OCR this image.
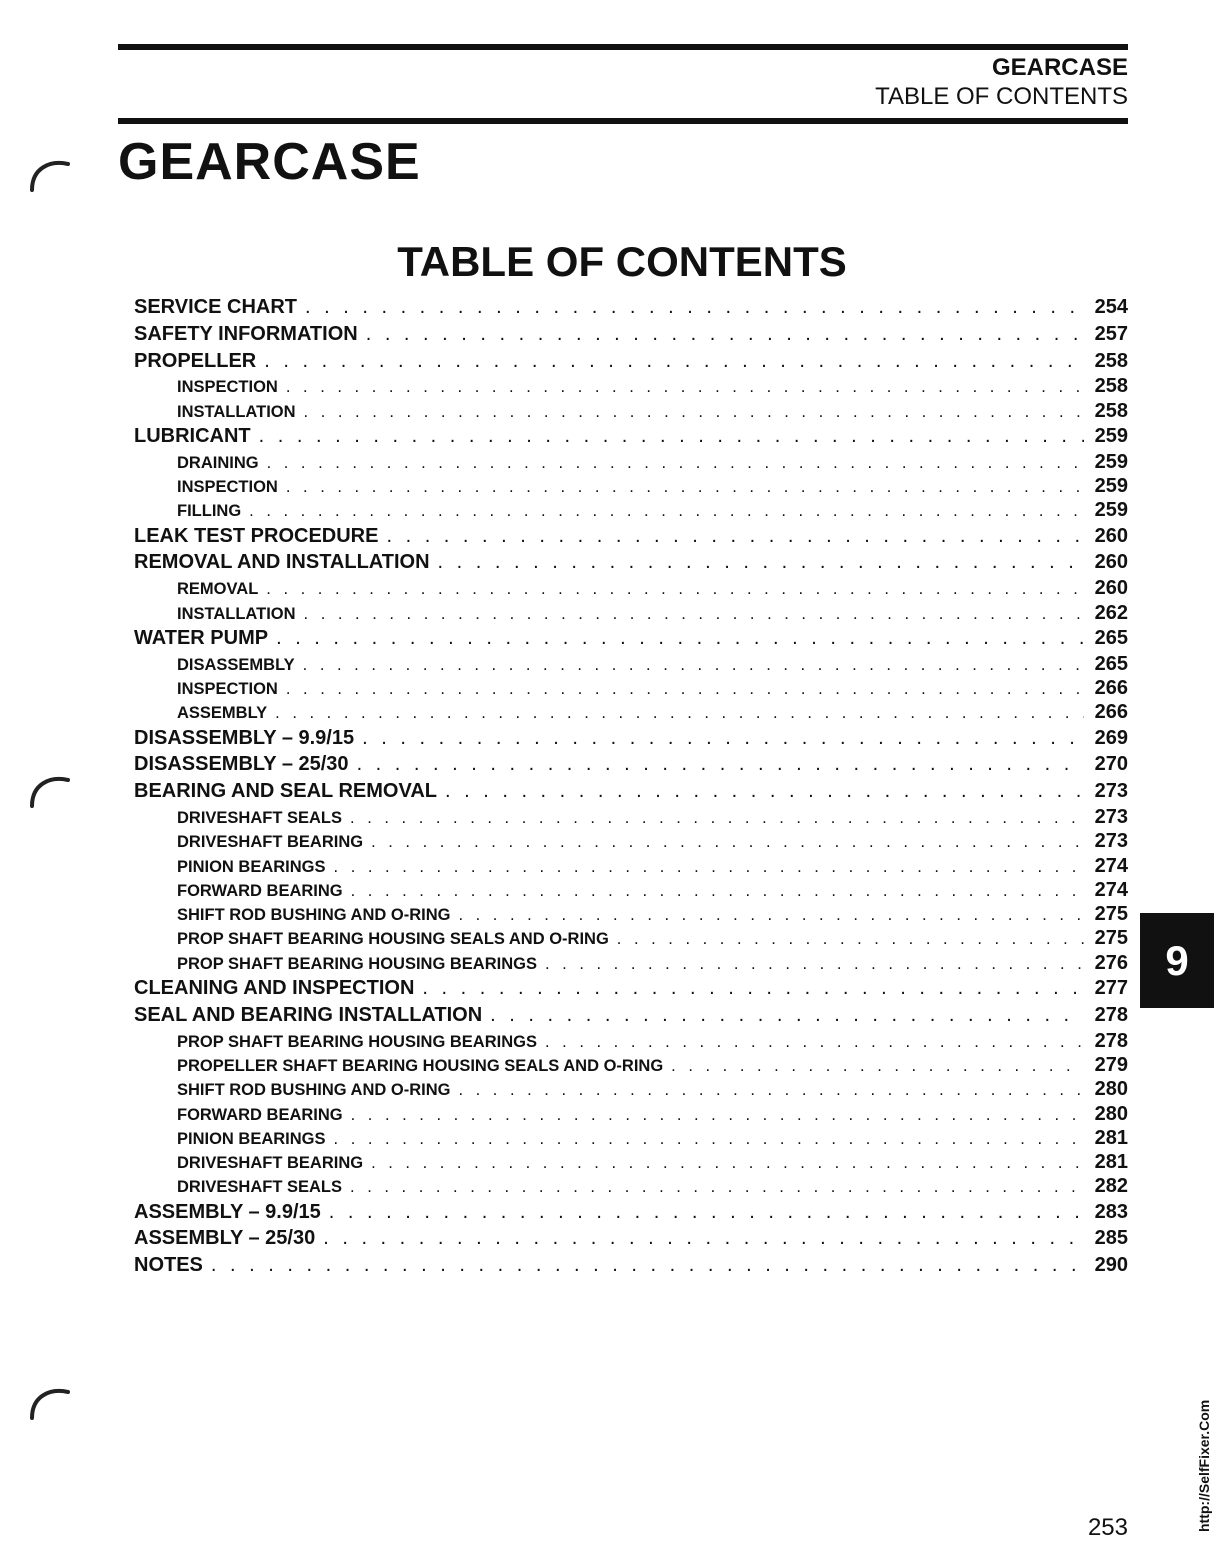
GEARCASE
TABLE OF CONTENTS
GEARCASE
TABLE OF CONTENTS
SERVICE CHART . . .	254
SAFETY INFORMATION . . .	257
PROPELLER . . .	258
INSPECTION . . .	258
INSTALLATION . . .	258
LUBRICANT . . .	259
DRAINING . . .	259
INSPECTION . . .	259
FILLING . . .	259
LEAK TEST PROCEDURE . . .	260
REMOVAL AND INSTALLATION . . .	260
REMOVAL . . .	260
INSTALLATION . . .	262
WATER PUMP . . .	265
DISASSEMBLY . . .	265
INSPECTION . . .	266
ASSEMBLY . . .	266
DISASSEMBLY – 9.9/15 . . .	269
DISASSEMBLY – 25/30 . . .	270
BEARING AND SEAL REMOVAL . . .	273
DRIVESHAFT SEALS . . .	273
DRIVESHAFT BEARING . . .	273
PINION BEARINGS . . .	274
FORWARD BEARING . . .	274
SHIFT ROD BUSHING AND O-RING . . .	275
PROP SHAFT BEARING HOUSING SEALS AND O-RING . . .	275
PROP SHAFT BEARING HOUSING BEARINGS . . .	276
CLEANING AND INSPECTION . . .	277
SEAL AND BEARING INSTALLATION . . .	278
PROP SHAFT BEARING HOUSING BEARINGS . . .	278
PROPELLER SHAFT BEARING HOUSING SEALS AND O-RING . . .	279
SHIFT ROD BUSHING AND O-RING . . .	280
FORWARD BEARING . . .	280
PINION BEARINGS . . .	281
DRIVESHAFT BEARING . . .	281
DRIVESHAFT SEALS . . .	282
ASSEMBLY – 9.9/15 . . .	283
ASSEMBLY – 25/30 . . .	285
NOTES . . .	290
9
http://SelfFixer.Com
253
